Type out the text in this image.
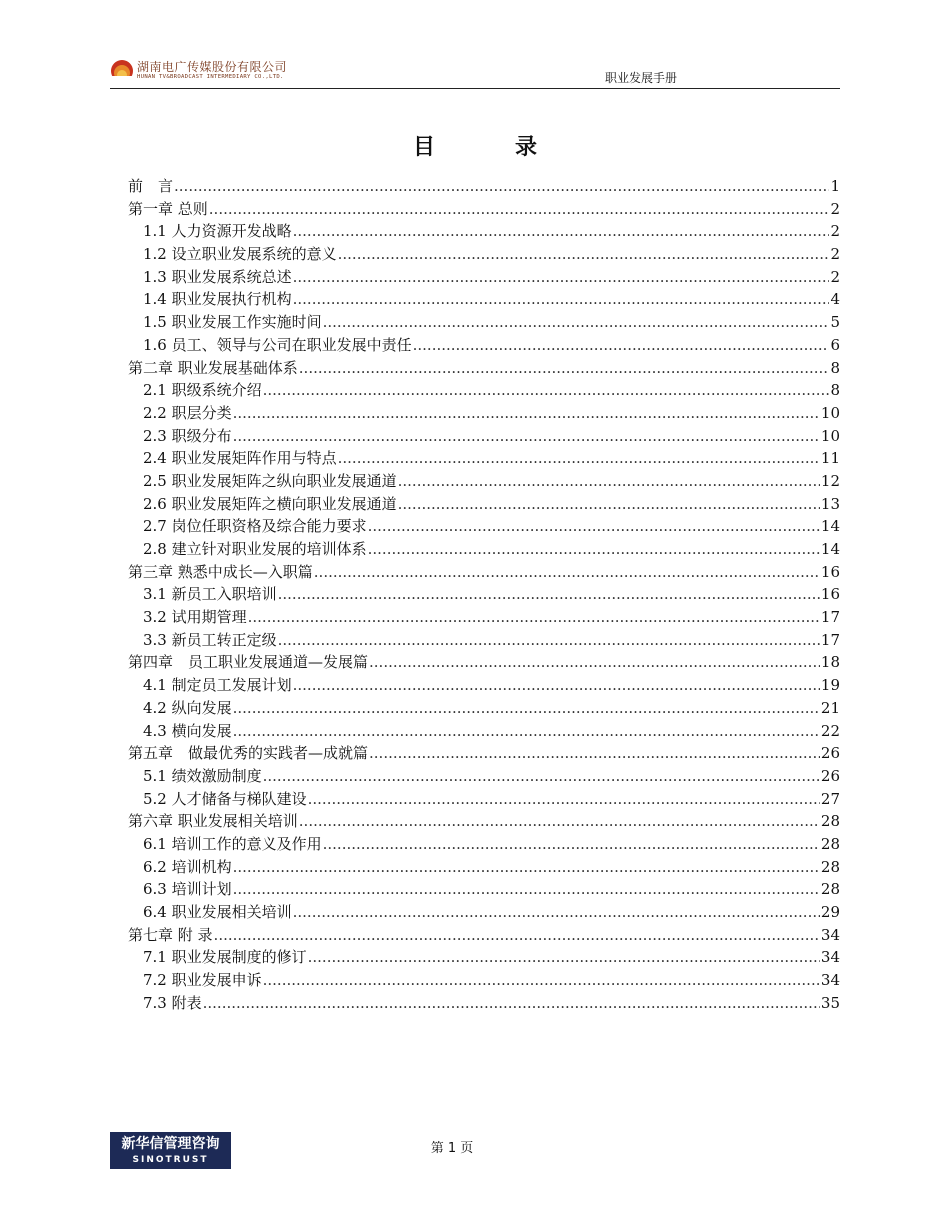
湖南电广传媒股份有限公司
HUNAN TV&BROADCAST INTERMEDIARY CO.,LTD.	职业发展手册
目	录
前　言 .....	1
第一章 总则 .....	2
1.1 人力资源开发战略 .....	2
1.2 设立职业发展系统的意义 .....	2
1.3 职业发展系统总述 .....	2
1.4 职业发展执行机构 .....	4
1.5 职业发展工作实施时间 .....	5
1.6 员工、领导与公司在职业发展中责任 .....	6
第二章 职业发展基础体系 .....	8
2.1 职级系统介绍 .....	8
2.2 职层分类 .....	10
2.3 职级分布 .....	10
2.4 职业发展矩阵作用与特点 .....	11
2.5 职业发展矩阵之纵向职业发展通道 .....	12
2.6 职业发展矩阵之横向职业发展通道 .....	13
2.7 岗位任职资格及综合能力要求 .....	14
2.8 建立针对职业发展的培训体系 .....	14
第三章 熟悉中成长—入职篇 .....	16
3.1 新员工入职培训 .....	16
3.2 试用期管理 .....	17
3.3 新员工转正定级 .....	17
第四章　员工职业发展通道—发展篇 .....	18
4.1 制定员工发展计划 .....	19
4.2 纵向发展 .....	21
4.3 横向发展 .....	22
第五章　做最优秀的实践者—成就篇 .....	26
5.1 绩效激励制度 .....	26
5.2 人才储备与梯队建设 .....	27
第六章 职业发展相关培训 .....	28
6.1 培训工作的意义及作用 .....	28
6.2 培训机构 .....	28
6.3 培训计划 .....	28
6.4 职业发展相关培训 .....	29
第七章 附 录 .....	34
7.1 职业发展制度的修订 .....	34
7.2 职业发展申诉 .....	34
7.3 附表 .....	35
新华信管理咨询
SINOTRUST
第 1 页
